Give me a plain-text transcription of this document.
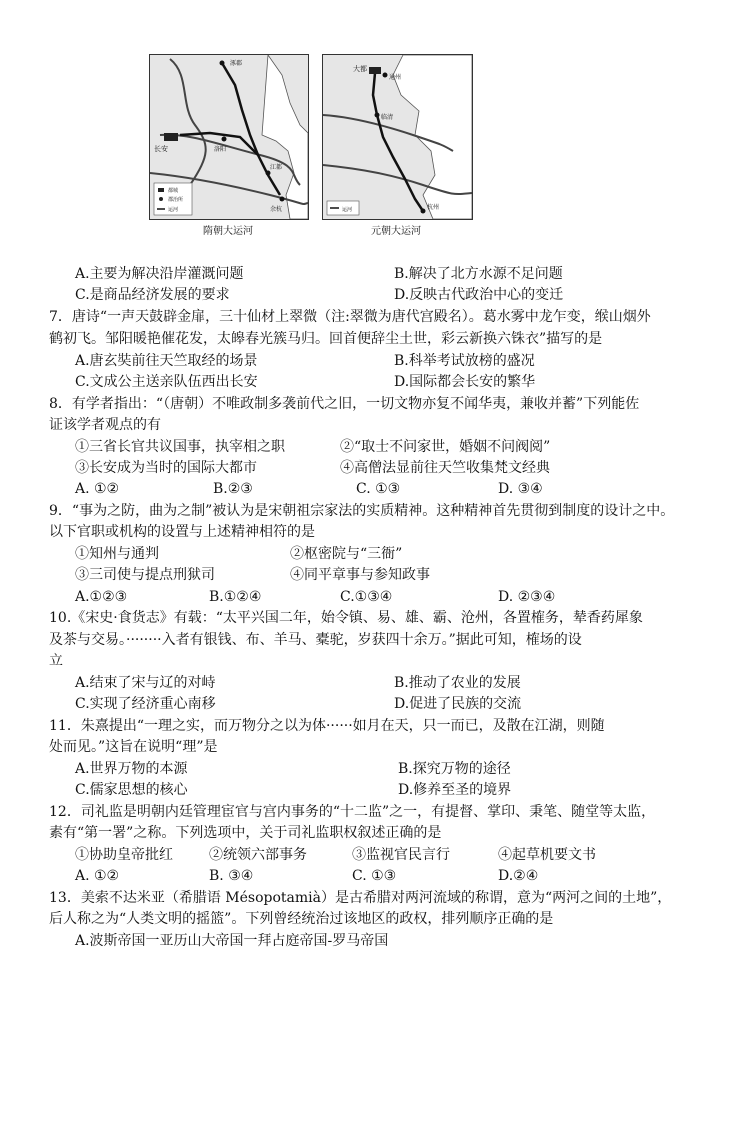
涿郡
长安	洛阳
江都
余杭
都城
郡治所
运河
隋朝大运河
大都
通州
临清
杭州
运河
元朝大运河
A.主要为解决沿岸灌溉问题	B.解决了北方水源不足问题
C.是商品经济发展的要求	D.反映古代政治中心的变迁
7．唐诗“一声天鼓辟金扉，三十仙材上翠微（注:翠微为唐代宫殿名）。葛水雾中龙乍变，缑山烟外
鹤初飞。邹阳暖艳催花发，太皞春光簇马归。回首便辞尘土世，彩云新换六铢衣”描写的是
A.唐玄奘前往天竺取经的场景	B.科举考试放榜的盛况
C.文成公主送亲队伍西出长安	D.国际都会长安的繁华
8．有学者指出：“（唐朝）不唯政制多袭前代之旧，一切文物亦复不闻华夷，兼收并蓄”下列能佐
证该学者观点的有
①三省长官共议国事，执宰相之职	②“取士不问家世，婚姻不问阀阅”
③长安成为当时的国际大都市	④高僧法显前往天竺收集梵文经典
A. ①②	B.②③	C. ①③	D. ③④
9．“事为之防，曲为之制”被认为是宋朝祖宗家法的实质精神。这种精神首先贯彻到制度的设计之中。
以下官职或机构的设置与上述精神相符的是
①知州与通判	②枢密院与“三衙”
③三司使与提点刑狱司	④同平章事与参知政事
A.①②③	B.①②④	C.①③④	D. ②③④
10.《宋史·食货志》有载：“太平兴国二年，始令镇、易、雄、霸、沧州，各置榷务，辇香药犀象
及茶与交易。········入者有银钱、布、羊马、橐驼，岁获四十余万。”据此可知，榷场的设
立
A.结束了宋与辽的对峙	B.推动了农业的发展
C.实现了经济重心南移	D.促进了民族的交流
11．朱熹提出“一理之实，而万物分之以为体······如月在天，只一而已，及散在江湖，则随
处而见。”这旨在说明“理”是
A.世界万物的本源	B.探究万物的途径
C.儒家思想的核心	D.修养至圣的境界
12．司礼监是明朝内廷管理宦官与宫内事务的“十二监”之一，有提督、掌印、秉笔、随堂等太监，
素有“第一署”之称。下列选项中，关于司礼监职权叙述正确的是
①协助皇帝批红	②统领六部事务	③监视官民言行	④起草机要文书
A. ①②	B. ③④	C. ①③	D.②④
13．美索不达米亚（希腊语 Mésopotamià）是古希腊对两河流域的称谓，意为“两河之间的土地”，
后人称之为“人类文明的摇篮”。下列曾经统治过该地区的政权，排列顺序正确的是
A.波斯帝国一亚历山大帝国一拜占庭帝国-罗马帝国
